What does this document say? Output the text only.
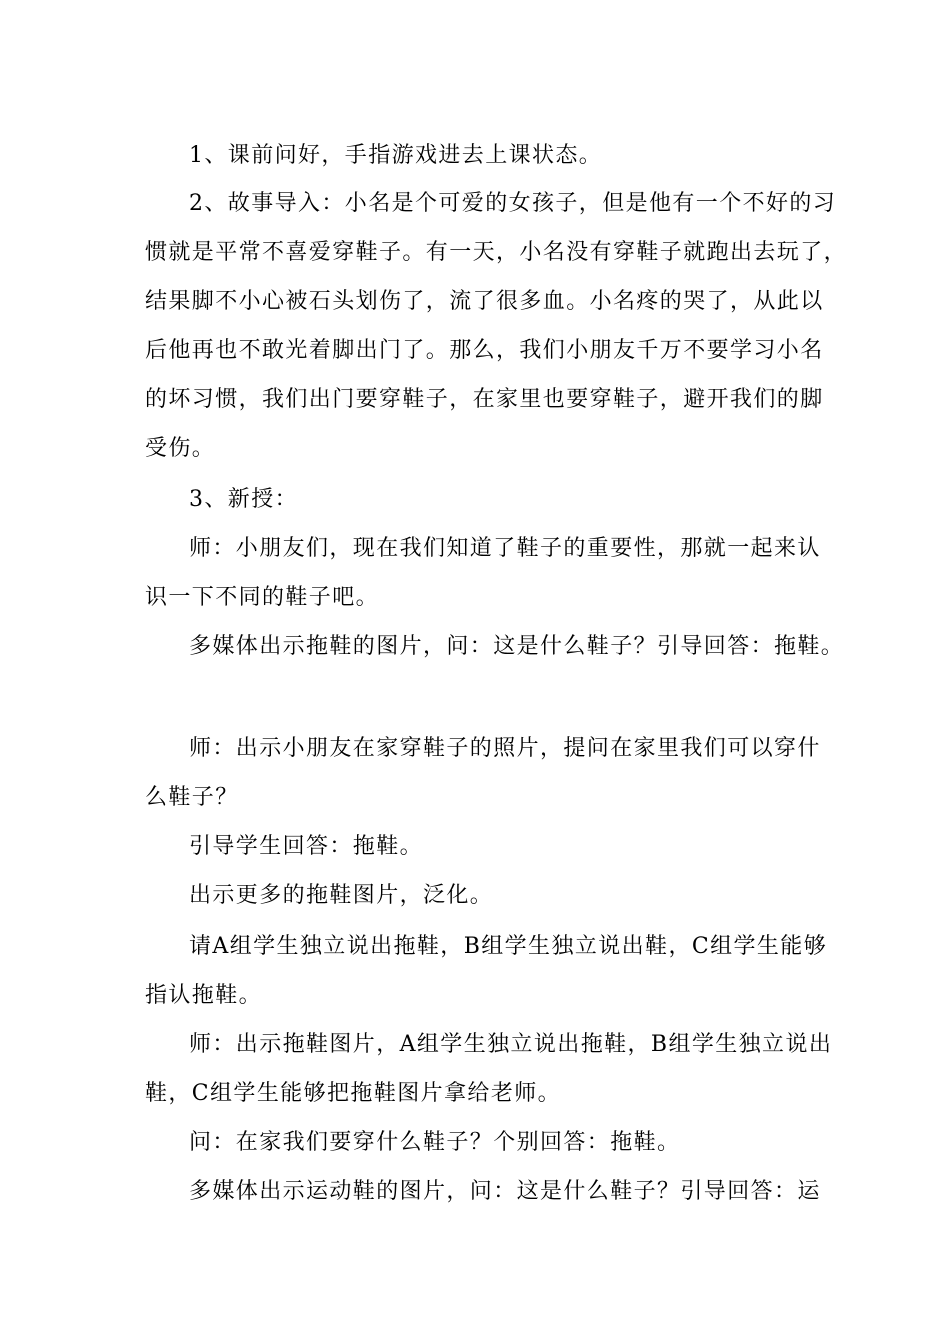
1、课前问好，手指游戏进去上课状态。
2、故事导入：小名是个可爱的女孩子，但是他有一个不好的习
惯就是平常不喜爱穿鞋子。有一天，小名没有穿鞋子就跑出去玩了，
结果脚不小心被石头划伤了，流了很多血。小名疼的哭了，从此以
后他再也不敢光着脚出门了。那么，我们小朋友千万不要学习小名
的坏习惯，我们出门要穿鞋子，在家里也要穿鞋子，避开我们的脚
受伤。
3、新授：
师：小朋友们，现在我们知道了鞋子的重要性，那就一起来认
识一下不同的鞋子吧。
多媒体出示拖鞋的图片，问：这是什么鞋子？引导回答：拖鞋。
师：出示小朋友在家穿鞋子的照片，提问在家里我们可以穿什
么鞋子？
引导学生回答：拖鞋。
出示更多的拖鞋图片，泛化。
请A组学生独立说出拖鞋，B组学生独立说出鞋，C组学生能够
指认拖鞋。
师：出示拖鞋图片，A组学生独立说出拖鞋，B组学生独立说出
鞋，C组学生能够把拖鞋图片拿给老师。
问：在家我们要穿什么鞋子？个别回答：拖鞋。
多媒体出示运动鞋的图片，问：这是什么鞋子？引导回答：运
